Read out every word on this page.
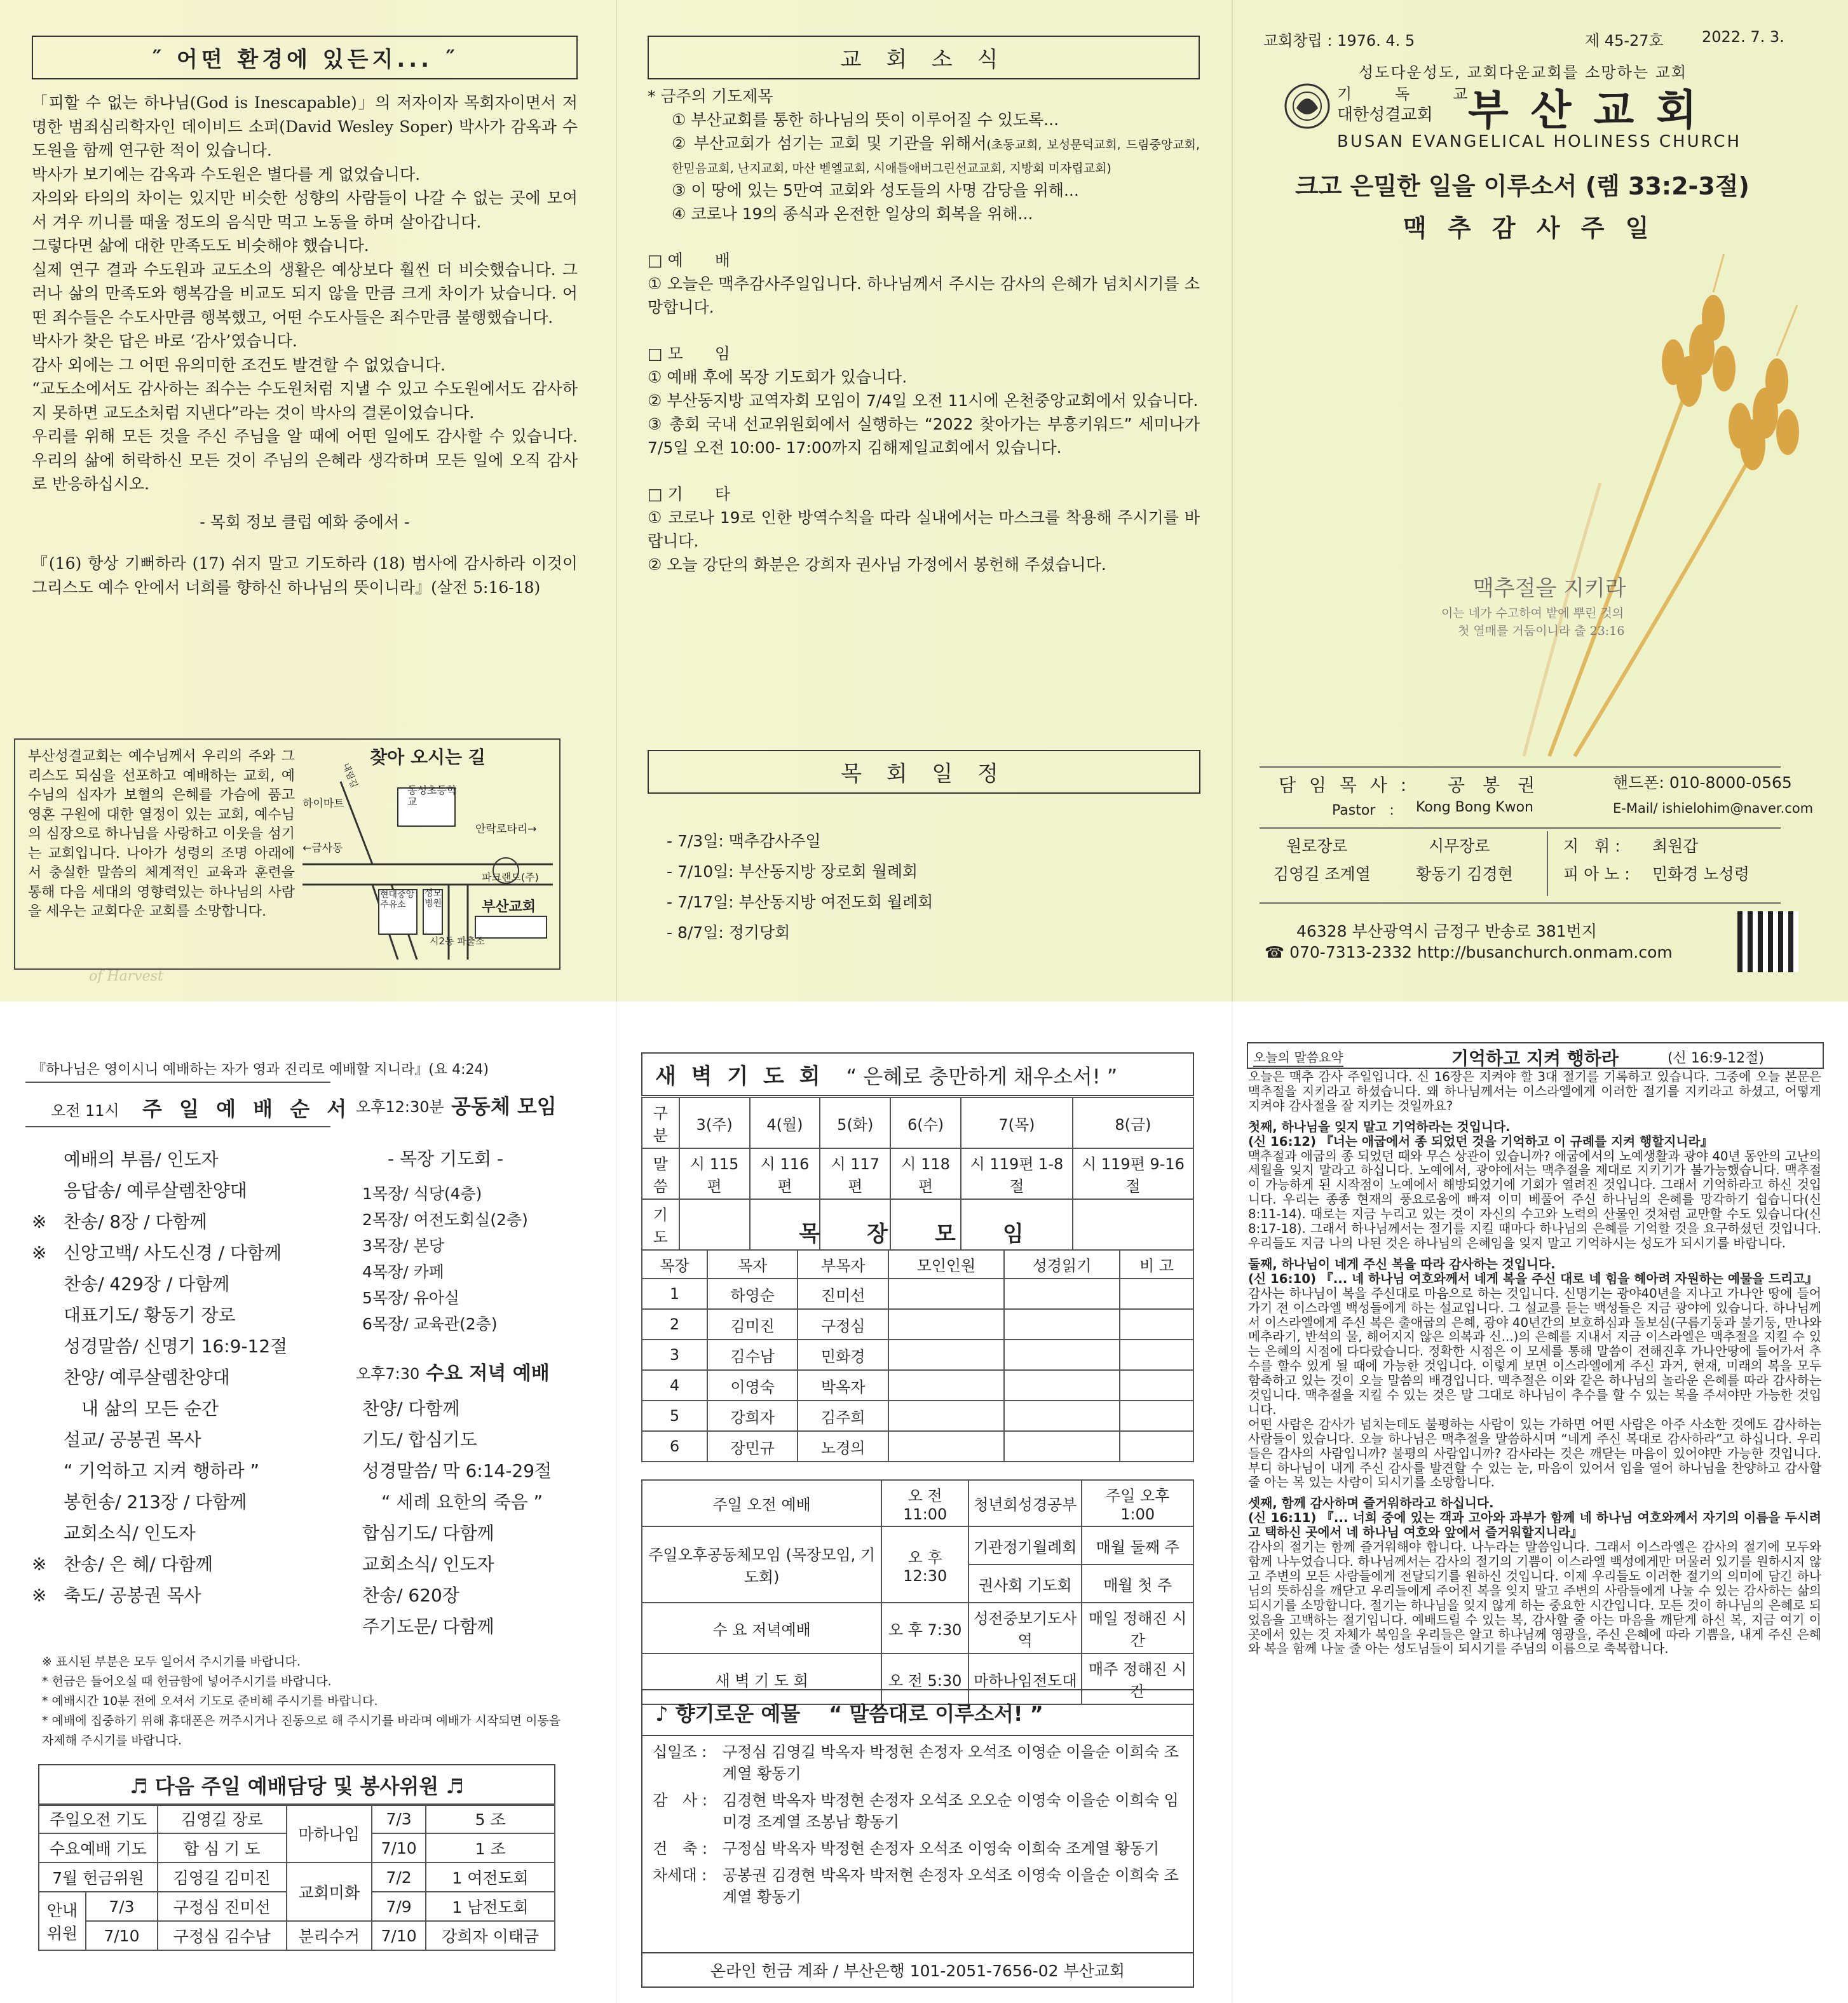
˝ 어떤 환경에 있든지... ˝
「피할 수 없는 하나님(God is Inescapable)」의 저자이자 목회자이면서 저명한 범죄심리학자인 데이비드 소퍼(David Wesley Soper) 박사가 감옥과 수도원을 함께 연구한 적이 있습니다.
박사가 보기에는 감옥과 수도원은 별다를 게 없었습니다.
자의와 타의의 차이는 있지만 비슷한 성향의 사람들이 나갈 수 없는 곳에 모여서 겨우 끼니를 때울 정도의 음식만 먹고 노동을 하며 살아갑니다.
그렇다면 삶에 대한 만족도도 비슷해야 했습니다.
실제 연구 결과 수도원과 교도소의 생활은 예상보다 훨씬 더 비슷했습니다. 그러나 삶의 만족도와 행복감을 비교도 되지 않을 만큼 크게 차이가 났습니다. 어떤 죄수들은 수도사만큼 행복했고, 어떤 수도사들은 죄수만큼 불행했습니다.
박사가 찾은 답은 바로 ‘감사’였습니다.
감사 외에는 그 어떤 유의미한 조건도 발견할 수 없었습니다.
“교도소에서도 감사하는 죄수는 수도원처럼 지낼 수 있고 수도원에서도 감사하지 못하면 교도소처럼 지낸다”라는 것이 박사의 결론이었습니다.
우리를 위해 모든 것을 주신 주님을 알 때에 어떤 일에도 감사할 수 있습니다. 우리의 삶에 허락하신 모든 것이 주님의 은혜라 생각하며 모든 일에 오직 감사로 반응하십시오.
- 목회 정보 클럽 예화 중에서 -
『(16) 항상 기뻐하라 (17) 쉬지 말고 기도하라 (18) 범사에 감사하라 이것이 그리스도 예수 안에서 너희를 향하신 하나님의 뜻이니라』(살전 5:16-18)
부산성결교회는 예수님께서 우리의 주와 그리스도 되심을 선포하고 예배하는 교회, 예수님의 십자가 보혈의 은혜를 가슴에 품고 영혼 구원에 대한 열정이 있는 교회, 예수님의 심장으로 하나님을 사랑하고 이웃을 섬기는 교회입니다. 나아가 성령의 조명 아래에서 충실한 말씀의 체계적인 교육과 훈련을 통해 다음 세대의 영향력있는 하나님의 사람을 세우는 교회다운 교회를 소망합니다.
찾아 오시는 길
하이마트
←금사동
동성초등학교
안락로타리→
파크랜드(주)
현대중앙주유소
성모병원	부산교회
시2동 파출소
내림길
of Harvest
교 회 소 식
* 금주의 기도제목
① 부산교회를 통한 하나님의 뜻이 이루어질 수 있도록...
② 부산교회가 섬기는 교회 및 기관을 위해서(초동교회, 보성문덕교회, 드림중앙교회, 한믿음교회, 난지교회, 마산 벧엘교회, 시애틀애버그린선교교회, 지방회 미자립교회)
③ 이 땅에 있는 5만여 교회와 성도들의 사명 감당을 위해...
④ 코로나 19의 종식과 온전한 일상의 회복을 위해...
□ 예　　배
① 오늘은 맥추감사주일입니다. 하나님께서 주시는 감사의 은혜가 넘치시기를 소망합니다.
□ 모　　임
① 예배 후에 목장 기도회가 있습니다.
② 부산동지방 교역자회 모임이 7/4일 오전 11시에 온천중앙교회에서 있습니다.
③ 총회 국내 선교위원회에서 실행하는 “2022 찾아가는 부흥키워드” 세미나가 7/5일 오전 10:00- 17:00까지 김해제일교회에서 있습니다.
□ 기　　타
① 코로나 19로 인한 방역수칙을 따라 실내에서는 마스크를 착용해 주시기를 바랍니다.
② 오늘 강단의 화분은 강희자 권사님 가정에서 봉헌해 주셨습니다.
목 회 일 정
- 7/3일: 맥추감사주일
- 7/10일: 부산동지방 장로회 월례회
- 7/17일: 부산동지방 여전도회 월례회
- 8/7일: 정기당회
교회창립 : 1976. 4. 5	제 45-27호	2022. 7. 3.
성도다운성도, 교회다운교회를 소망하는 교회
기　독　교
대한성결교회 부 산 교 회
BUSAN EVANGELICAL HOLINESS CHURCH
크고 은밀한 일을 이루소서 (렘 33:2-3절)
맥 추 감 사 주 일
맥추절을 지키라
이는 네가 수고하여 밭에 뿌린 것의
첫 열매를 거둠이니라 출 23:16
담 임 목 사 : 공　봉　권	핸드폰: 010-8000-0565
Pastor　: Kong Bong Kwon	E-Mail/ ishielohim@naver.com
원로장로
김영길 조계열
시무장로
황동기 김경현
지　휘 : 최원갑
피 아 노 : 민화경 노성령
46328 부산광역시 금정구 반송로 381번지
☎ 070-7313-2332 http://busanchurch.onmam.com
『하나님은 영이시니 예배하는 자가 영과 진리로 예배할 지니라』(요 4:24)
오전 11시 주 일 예 배 순 서
예배의 부름/ 인도자
응답송/ 예루살렘찬양대
※ 찬송/ 8장 / 다함께
※ 신앙고백/ 사도신경 / 다함께
찬송/ 429장 / 다함께
대표기도/ 황동기 장로
성경말씀/ 신명기 16:9-12절
찬양/ 예루살렘찬양대
　내 삶의 모든 순간
설교/ 공봉권 목사
“ 기억하고 지켜 행하라 ”
봉헌송/ 213장 / 다함께
교회소식/ 인도자
※ 찬송/ 은 혜/ 다함께
※ 축도/ 공봉권 목사
오후12:30분 공동체 모임
- 목장 기도회 -
1목장/ 식당(4층)
2목장/ 여전도회실(2층)
3목장/ 본당
4목장/ 카페
5목장/ 유아실
6목장/ 교육관(2층)
오후7:30 수요 저녁 예배
찬양/ 다함께
기도/ 합심기도
성경말씀/ 막 6:14-29절
“ 세례 요한의 죽음 ”
합심기도/ 다함께
교회소식/ 인도자
찬송/ 620장
주기도문/ 다함께
※ 표시된 부분은 모두 일어서 주시기를 바랍니다.
* 헌금은 들어오실 때 헌금함에 넣어주시기를 바랍니다.
* 예배시간 10분 전에 오셔서 기도로 준비해 주시기를 바랍니다.
* 예배에 집중하기 위해 휴대폰은 꺼주시거나 진동으로 해 주시기를 바라며 예배가 시작되면 이동을 자제해 주시기를 바랍니다.
♬ 다음 주일 예배담당 및 봉사위원 ♬
주일오전 기도		김영길 장로	마하나임	7/3	5 조
수요예배 기도		합 심 기 도		7/10	1 조
7월 헌금위원		김영길 김미진	교회미화	7/2	1 여전도회
안내위원	7/3	구정심 진미선		7/9	1 남전도회
	7/10	구정심 김수남	분리수거	7/10	강희자 이태금
새 벽 기 도 회 “ 은혜로 충만하게 채우소서! ”
구분	3(주)	4(월)	5(화)	6(수)	7(목)	8(금)
말씀	시 115편	시 116편	시 117편	시 118편	시 119편 1-8절	시 119편 9-16절
기도							목　장　모　임
목장	목자	부목자	모인인원	성경읽기	비 고
1	하영순	진미선			
2	김미진	구정심			
3	김수남	민화경			
4	이영숙	박옥자			
5	강희자	김주희			
6	장민규	노경의			
주일 오전 예배	오 전 11:00	청년회성경공부	주일 오후 1:00
주일오후공동체모임 (목장모임, 기도회)	오 후 12:30	기관정기월례회	매월 둘째 주
		권사회 기도회	매월 첫 주
수 요 저녁예배	오 후 7:30	성전중보기도사역	매일 정해진 시간
새 벽 기 도 회	오 전 5:30	마하나임전도대	매주 정해진 시간
♪ 향기로운 예물 “ 말씀대로 이루소서! ”
십일조 :	구정심 김영길 박옥자 박정현 손정자 오석조 이영순 이을순 이희숙 조계열 황동기
감　사 : 김경현 박옥자 박정현 손정자 오석조 오오순 이영숙 이을순 이희숙 임미경 조계열 조봉남 황동기
건　축 : 구정심 박옥자 박정현 손정자 오석조 이영숙 이희숙 조계열 황동기
차세대 :	공봉권 김경현 박옥자 박저현 손정자 오석조 이영숙 이을순 이희숙 조계열 황동기
온라인 헌금 계좌 / 부산은행 101-2051-7656-02 부산교회
오늘의 말씀요약	기억하고 지켜 행하라	(신 16:9-12절)
오늘은 맥추 감사 주일입니다. 신 16장은 지켜야 할 3대 절기를 기록하고 있습니다. 그중에 오늘 본문은 맥추절을 지키라고 하셨습니다. 왜 하나님께서는 이스라엘에게 이러한 절기를 지키라고 하셨고, 어떻게 지켜야 감사절을 잘 지키는 것일까요?
첫째, 하나님을 잊지 말고 기억하라는 것입니다.
(신 16:12) 『너는 애굽에서 종 되었던 것을 기억하고 이 규례를 지켜 행할지니라』
맥추절과 애굽의 종 되었던 때와 무슨 상관이 있습니까? 애굽에서의 노예생활과 광야 40년 동안의 고난의 세월을 잊지 말라고 하십니다. 노예에서, 광야에서는 맥추절을 제대로 지키기가 불가능했습니다. 맥추절이 가능하게 된 시작점이 노예에서 해방되었기에 기회가 열려진 것입니다. 그래서 기억하라고 하신 것입니다. 우리는 종종 현재의 풍요로움에 빠져 이미 베풀어 주신 하나님의 은혜를 망각하기 쉽습니다(신 8:11-14). 때로는 지금 누리고 있는 것이 자신의 수고와 노력의 산물인 것처럼 교만할 수도 있습니다(신 8:17-18). 그래서 하나님께서는 절기를 지킬 때마다 하나님의 은혜를 기억할 것을 요구하셨던 것입니다. 우리들도 지금 나의 나된 것은 하나님의 은혜임을 잊지 말고 기억하시는 성도가 되시기를 바랍니다.
둘째, 하나님이 네게 주신 복을 따라 감사하는 것입니다.
(신 16:10) 『... 네 하나님 여호와께서 네게 복을 주신 대로 네 힘을 헤아려 자원하는 예물을 드리고』
감사는 하나님이 복을 주신대로 마음으로 하는 것입니다. 신명기는 광야40년을 지나고 가나안 땅에 들어가기 전 이스라엘 백성들에게 하는 설교입니다. 그 설교를 듣는 백성들은 지금 광야에 있습니다. 하나님께서 이스라엘에게 주신 복은 출애굽의 은혜, 광야 40년간의 보호하심과 돌보심(구름기둥과 불기둥, 만나와 메추라기, 반석의 물, 해어지지 않은 의복과 신...)의 은혜를 지내서 지금 이스라엘은 맥추절을 지킬 수 있는 은혜의 시점에 다다랐습니다. 정확한 시점은 이 모세를 통해 말씀이 전해진후 가나안땅에 들어가서 추수를 할수 있게 될 때에 가능한 것입니다. 이렇게 보면 이스라엘에게 주신 과거, 현재, 미래의 복을 모두 함축하고 있는 것이 오늘 말씀의 배경입니다. 맥추절은 이와 같은 하나님의 놀라운 은혜를 따라 감사하는 것입니다. 맥추절을 지킬 수 있는 것은 말 그대로 하나님이 추수를 할 수 있는 복을 주셔야만 가능한 것입니다.
어떤 사람은 감사가 넘치는데도 불평하는 사람이 있는 가하면 어떤 사람은 아주 사소한 것에도 감사하는 사람들이 있습니다. 오늘 하나님은 맥추절을 말씀하시며 “네게 주신 복대로 감사하라”고 하십니다. 우리들은 감사의 사람입니까? 불평의 사람입니까? 감사라는 것은 깨닫는 마음이 있어야만 가능한 것입니다. 부디 하나님이 내게 주신 감사를 발견할 수 있는 눈, 마음이 있어서 입을 열어 하나님을 찬양하고 감사할줄 아는 복 있는 사람이 되시기를 소망합니다.
셋째, 함께 감사하며 즐거워하라고 하십니다.
(신 16:11) 『... 너희 중에 있는 객과 고아와 과부가 함께 네 하나님 여호와께서 자기의 이름을 두시려고 택하신 곳에서 네 하나님 여호와 앞에서 즐거워할지니라』
감사의 절기는 함께 즐거워해야 합니다. 나누라는 말씀입니다. 그래서 이스라엘은 감사의 절기에 모두와 함께 나누었습니다. 하나님께서는 감사의 절기의 기쁨이 이스라엘 백성에게만 머물러 있기를 원하시지 않고 주변의 모든 사람들에게 전달되기를 원하신 것입니다. 이제 우리들도 이러한 절기의 의미에 담긴 하나님의 뜻하심을 깨닫고 우리들에게 주어진 복을 잊지 말고 주변의 사람들에게 나눌 수 있는 감사하는 삶의 되시기를 소망합니다. 절기는 하나님을 잊지 않게 하는 중요한 시간입니다. 모든 것이 하나님의 은혜로 되었음을 고백하는 절기입니다. 예배드릴 수 있는 복, 감사할 줄 아는 마음을 깨닫게 하신 복, 지금 여기 이곳에서 있는 것 자체가 복임을 우리들은 알고 하나님께 영광을, 주신 은혜에 따라 기쁨을, 내게 주신 은혜와 복을 함께 나눌 줄 아는 성도님들이 되시기를 주님의 이름으로 축복합니다.
